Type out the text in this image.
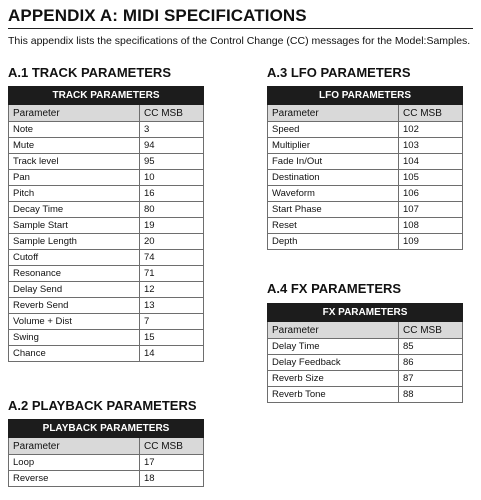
APPENDIX A: MIDI SPECIFICATIONS
This appendix lists the specifications of the Control Change (CC) messages for the Model:Samples.
A.1 TRACK PARAMETERS
TRACK PARAMETERS	
Parameter	CC MSB
Note	3
Mute	94
Track level	95
Pan	10
Pitch	16
Decay Time	80
Sample Start	19
Sample Length	20
Cutoff	74
Resonance	71
Delay Send	12
Reverb Send	13
Volume + Dist	7
Swing	15
Chance	14
A.2 PLAYBACK PARAMETERS
PLAYBACK PARAMETERS	
Parameter	CC MSB
Loop	17
Reverse	18
A.3 LFO PARAMETERS
LFO PARAMETERS	
Parameter	CC MSB
Speed	102
Multiplier	103
Fade In/Out	104
Destination	105
Waveform	106
Start Phase	107
Reset	108
Depth	109
A.4 FX PARAMETERS
FX PARAMETERS	
Parameter	CC MSB
Delay Time	85
Delay Feedback	86
Reverb Size	87
Reverb Tone	88
